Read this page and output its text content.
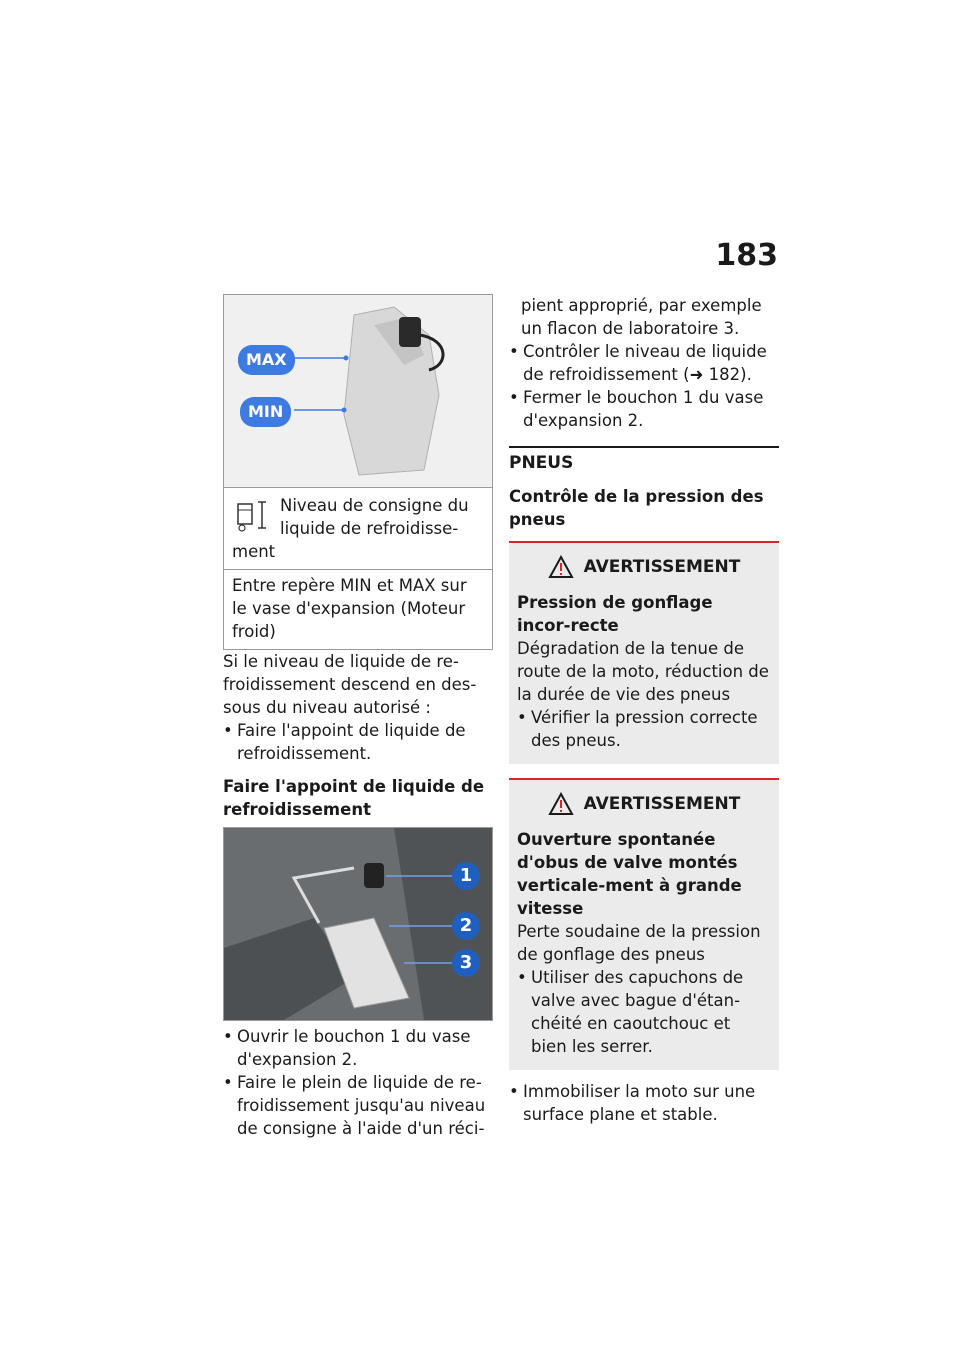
183
MAX
MIN
Niveau de consigne du liquide de refroidisse-ment
Entre repère MIN et MAX sur le vase d'expansion (Moteur froid)

Si le niveau de liquide de re-froidissement descend en des-sous du niveau autorisé :

• Faire l'appoint de liquide de refroidissement.

Faire l'appoint de liquide de refroidissement

1
2
3
• Ouvrir le bouchon 1 du vase d'expansion 2.
• Faire le plein de liquide de re-froidissement jusqu'au niveau de consigne à l'aide d'un réci-

pient approprié, par exemple un flacon de laboratoire 3.

• Contrôler le niveau de liquide de refroidissement (➜ 182).
• Fermer le bouchon 1 du vase d'expansion 2.
PNEUS

Contrôle de la pression des pneus

AVERTISSEMENT

Pression de gonflage incor-recte

Dégradation de la tenue de route de la moto, réduction de la durée de vie des pneus

• Vérifier la pression correcte des pneus.
AVERTISSEMENT

Ouverture spontanée d'obus de valve montés verticale-ment à grande vitesse

Perte soudaine de la pression de gonflage des pneus

• Utiliser des capuchons de valve avec bague d'étan-chéité en caoutchouc et bien les serrer.
• Immobiliser la moto sur une surface plane et stable.
